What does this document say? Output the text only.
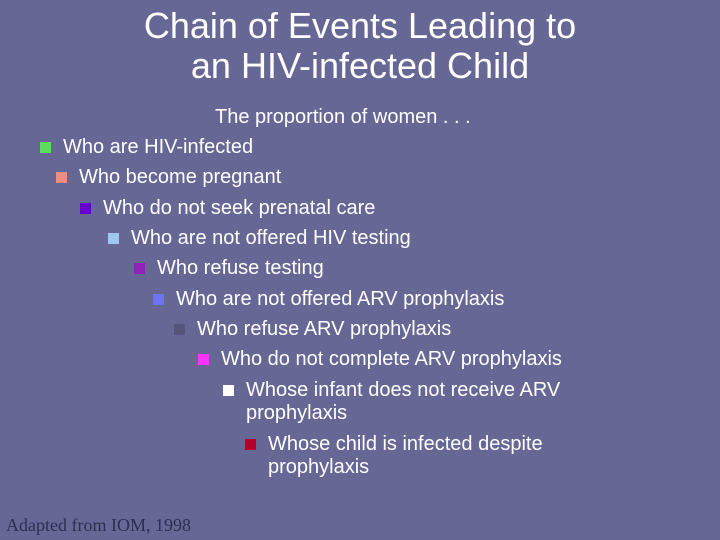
Chain of Events Leading to
an HIV-infected Child
The proportion of women . . .
Who are HIV-infected
Who become pregnant
Who do not seek prenatal care
Who are not offered HIV testing
Who refuse testing
Who are not offered ARV prophylaxis
Who refuse ARV prophylaxis
Who do not complete ARV prophylaxis
Whose infant does not receive ARV prophylaxis
Whose child is infected despite prophylaxis
Adapted from IOM, 1998
